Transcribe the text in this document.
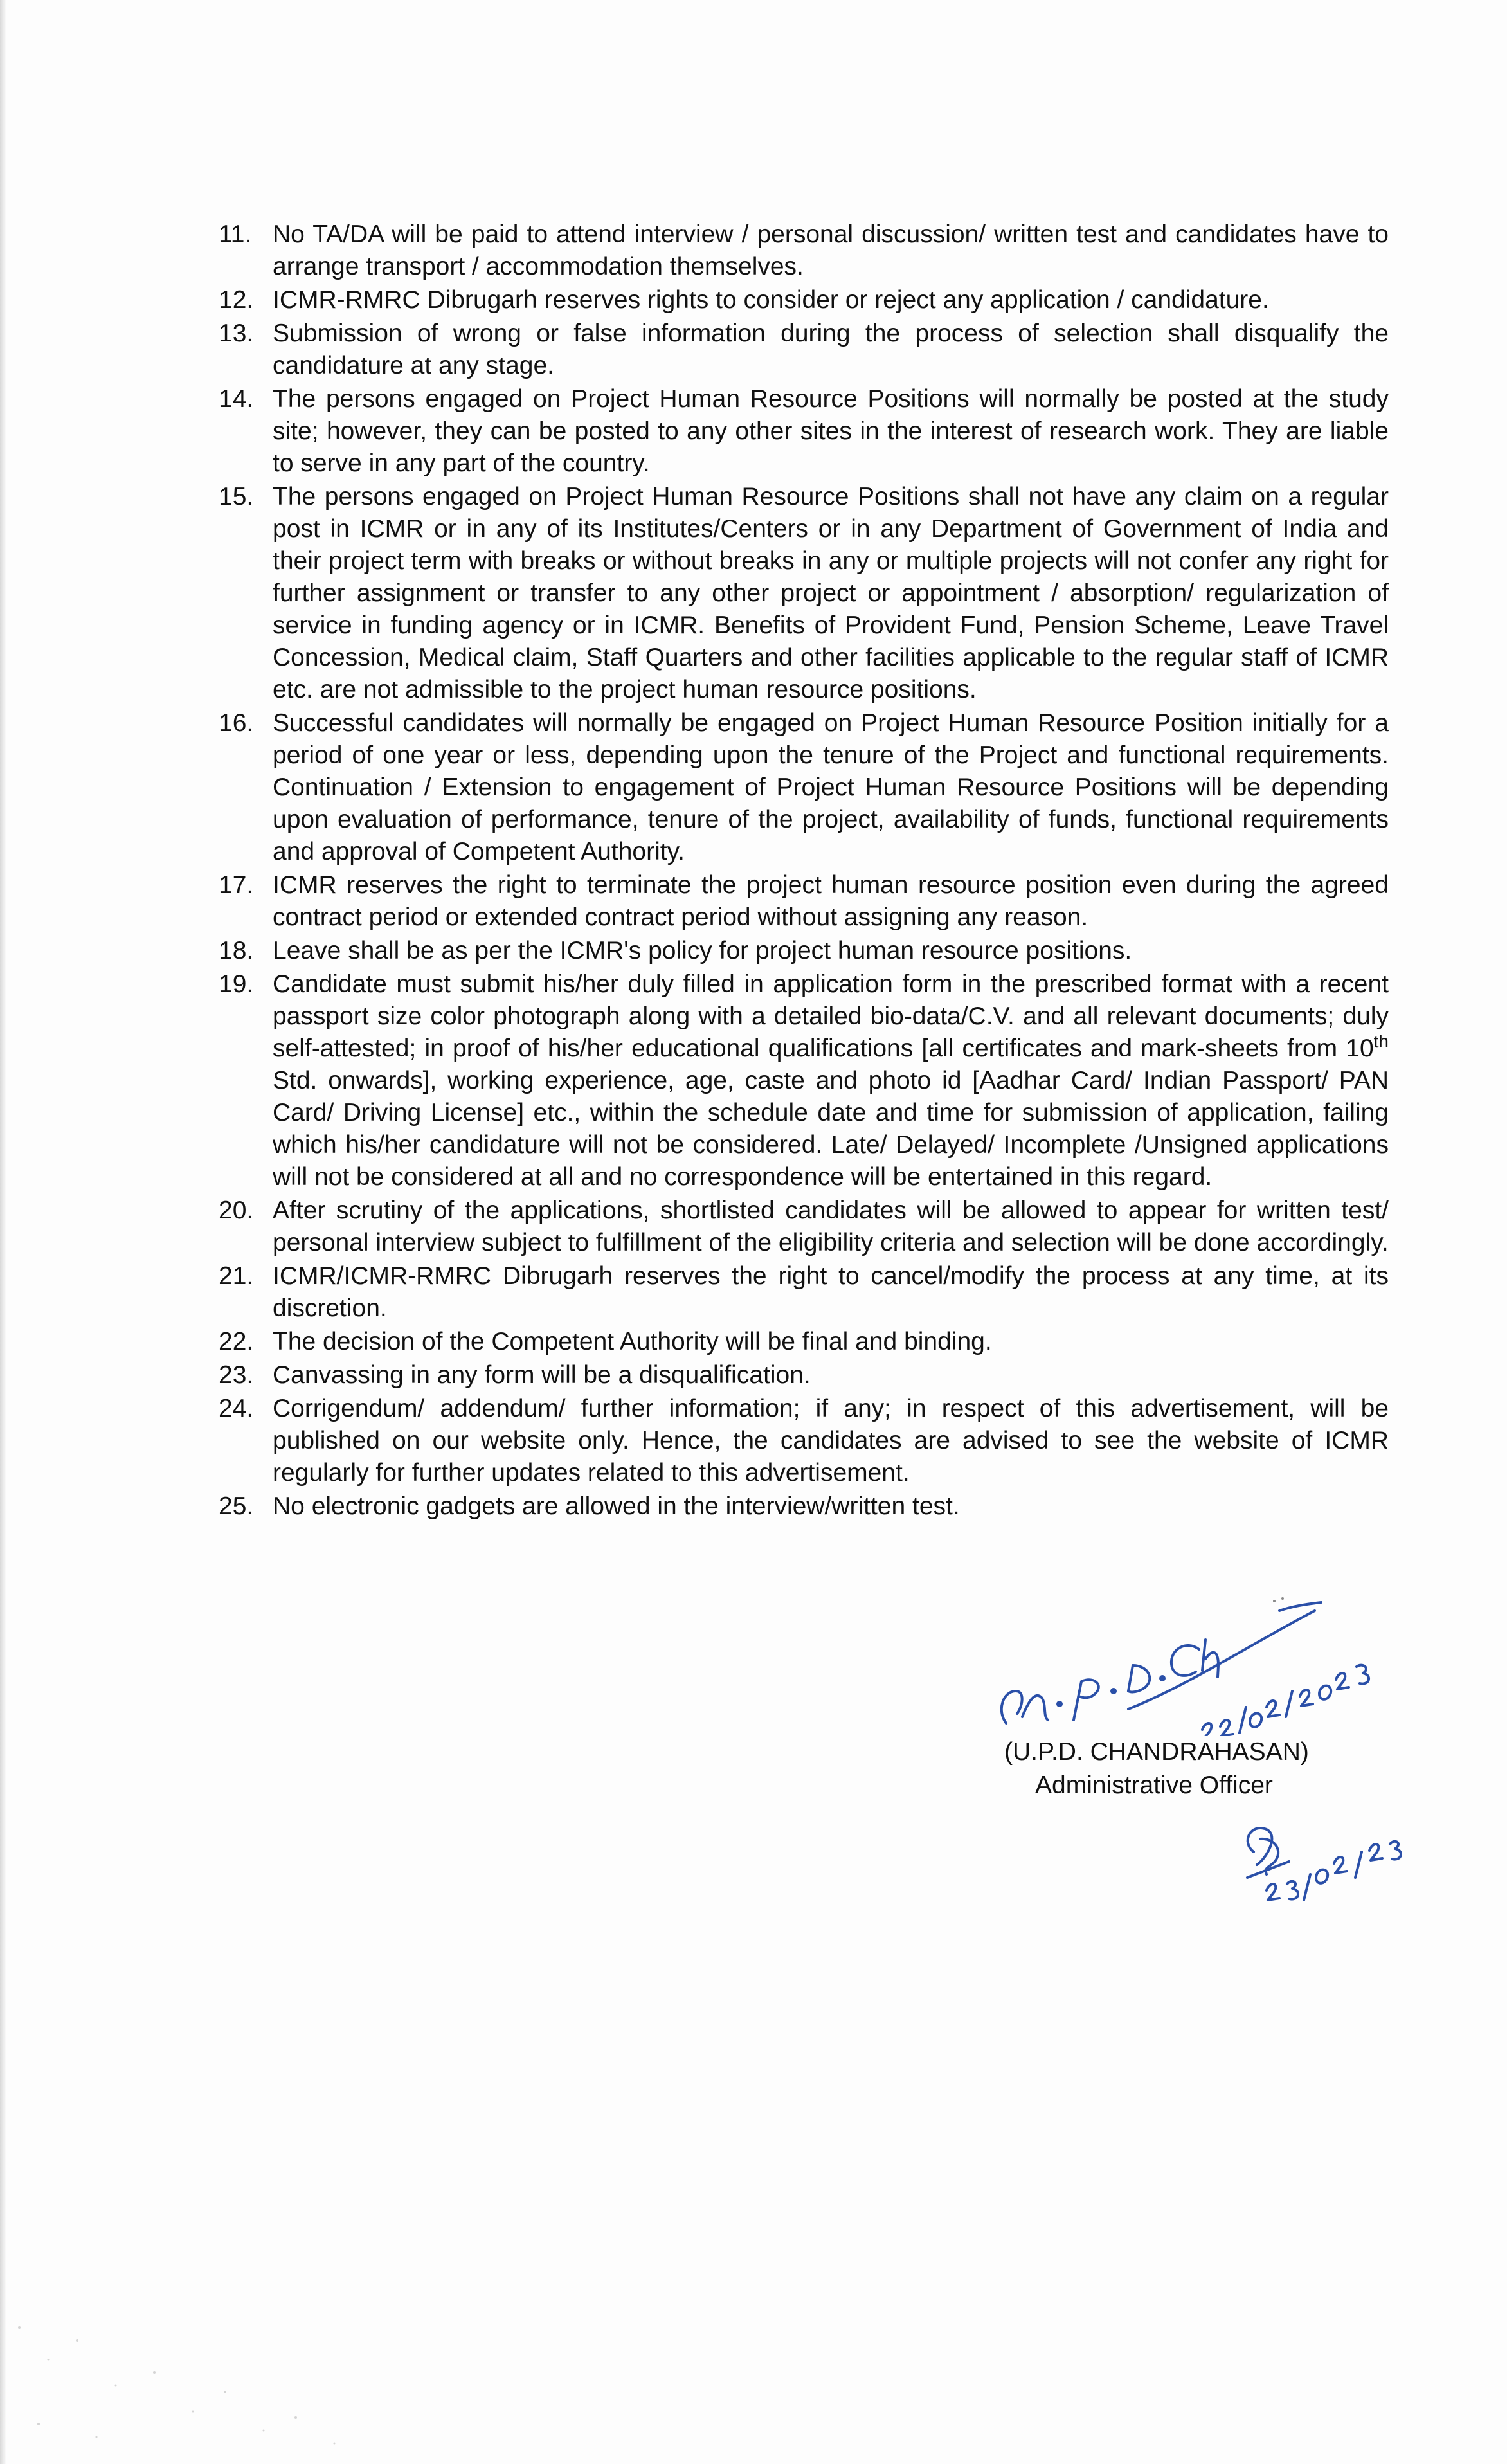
11. No TA/DA will be paid to attend interview / personal discussion/ written test and candidates have to arrange transport / accommodation themselves.
12. ICMR-RMRC Dibrugarh reserves rights to consider or reject any application / candidature.
13. Submission of wrong or false information during the process of selection shall disqualify the candidature at any stage.
14. The persons engaged on Project Human Resource Positions will normally be posted at the study site; however, they can be posted to any other sites in the interest of research work. They are liable to serve in any part of the country.
15. The persons engaged on Project Human Resource Positions shall not have any claim on a regular post in ICMR or in any of its Institutes/Centers or in any Department of Government of India and their project term with breaks or without breaks in any or multiple projects will not confer any right for further assignment or transfer to any other project or appointment / absorption/ regularization of service in funding agency or in ICMR. Benefits of Provident Fund, Pension Scheme, Leave Travel Concession, Medical claim, Staff Quarters and other facilities applicable to the regular staff of ICMR etc. are not admissible to the project human resource positions.
16. Successful candidates will normally be engaged on Project Human Resource Position initially for a period of one year or less, depending upon the tenure of the Project and functional requirements. Continuation / Extension to engagement of Project Human Resource Positions will be depending upon evaluation of performance, tenure of the project, availability of funds, functional requirements and approval of Competent Authority.
17. ICMR reserves the right to terminate the project human resource position even during the agreed contract period or extended contract period without assigning any reason.
18. Leave shall be as per the ICMR's policy for project human resource positions.
19. Candidate must submit his/her duly filled in application form in the prescribed format with a recent passport size color photograph along with a detailed bio-data/C.V. and all relevant documents; duly self-attested; in proof of his/her educational qualifications [all certificates and mark-sheets from 10th Std. onwards], working experience, age, caste and photo id [Aadhar Card/ Indian Passport/ PAN Card/ Driving License] etc., within the schedule date and time for submission of application, failing which his/her candidature will not be considered. Late/ Delayed/ Incomplete /Unsigned applications will not be considered at all and no correspondence will be entertained in this regard.
20. After scrutiny of the applications, shortlisted candidates will be allowed to appear for written test/ personal interview subject to fulfillment of the eligibility criteria and selection will be done accordingly.
21. ICMR/ICMR-RMRC Dibrugarh reserves the right to cancel/modify the process at any time, at its discretion.
22. The decision of the Competent Authority will be final and binding.
23. Canvassing in any form will be a disqualification.
24. Corrigendum/ addendum/ further information; if any; in respect of this advertisement, will be published on our website only. Hence, the candidates are advised to see the website of ICMR regularly for further updates related to this advertisement.
25. No electronic gadgets are allowed in the interview/written test.
(U.P.D. CHANDRAHASAN)
Administrative Officer
